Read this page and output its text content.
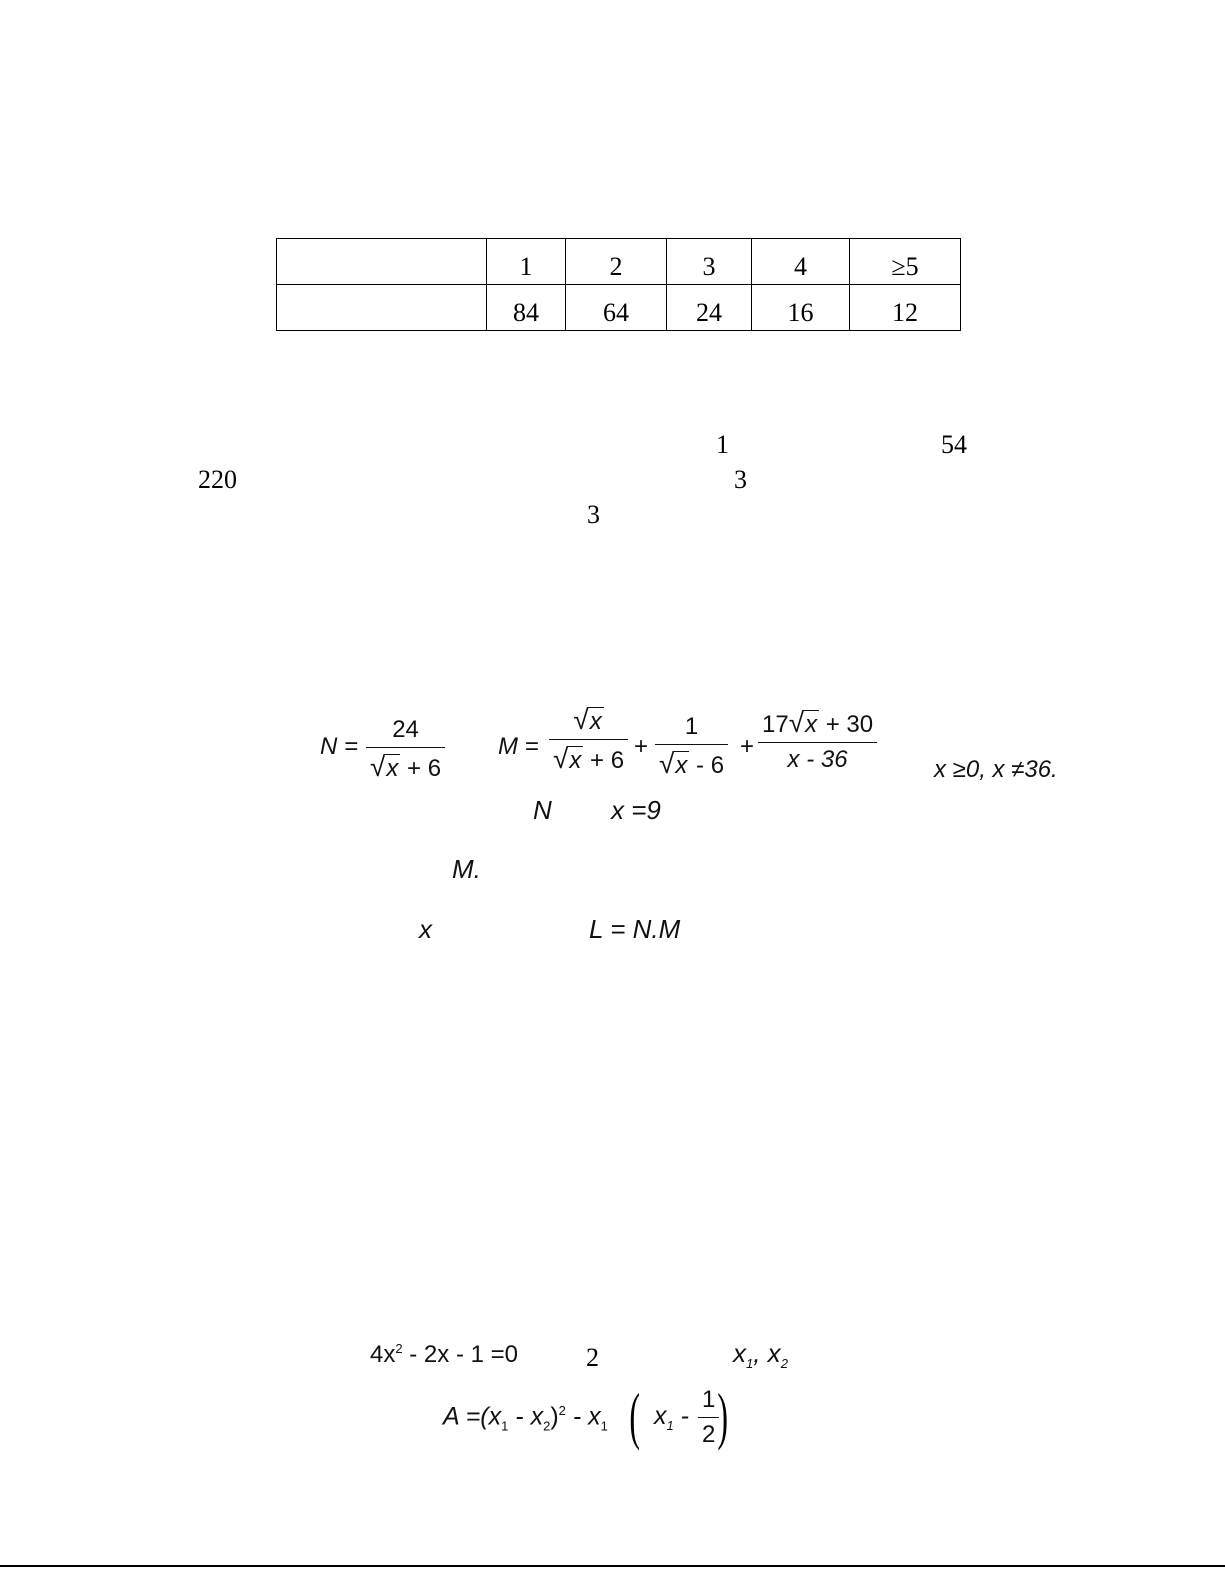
	1	2	3	4	≥5
	84	64	24	16	12
1	54
220	3
3
N =
24
√x + 6
M =
√x
√x + 6
+
1
√x - 6
+
17√x + 30
x - 36	x ≥0, x ≠36.
N x =9
M.
x	L = N.M
$4x^2 - 2x - 1 =0$	2	$x_1$, $x_2$
$A =(x_1 - x_2)^2 - x_1$ ( $x_1$ -
1
2 )
